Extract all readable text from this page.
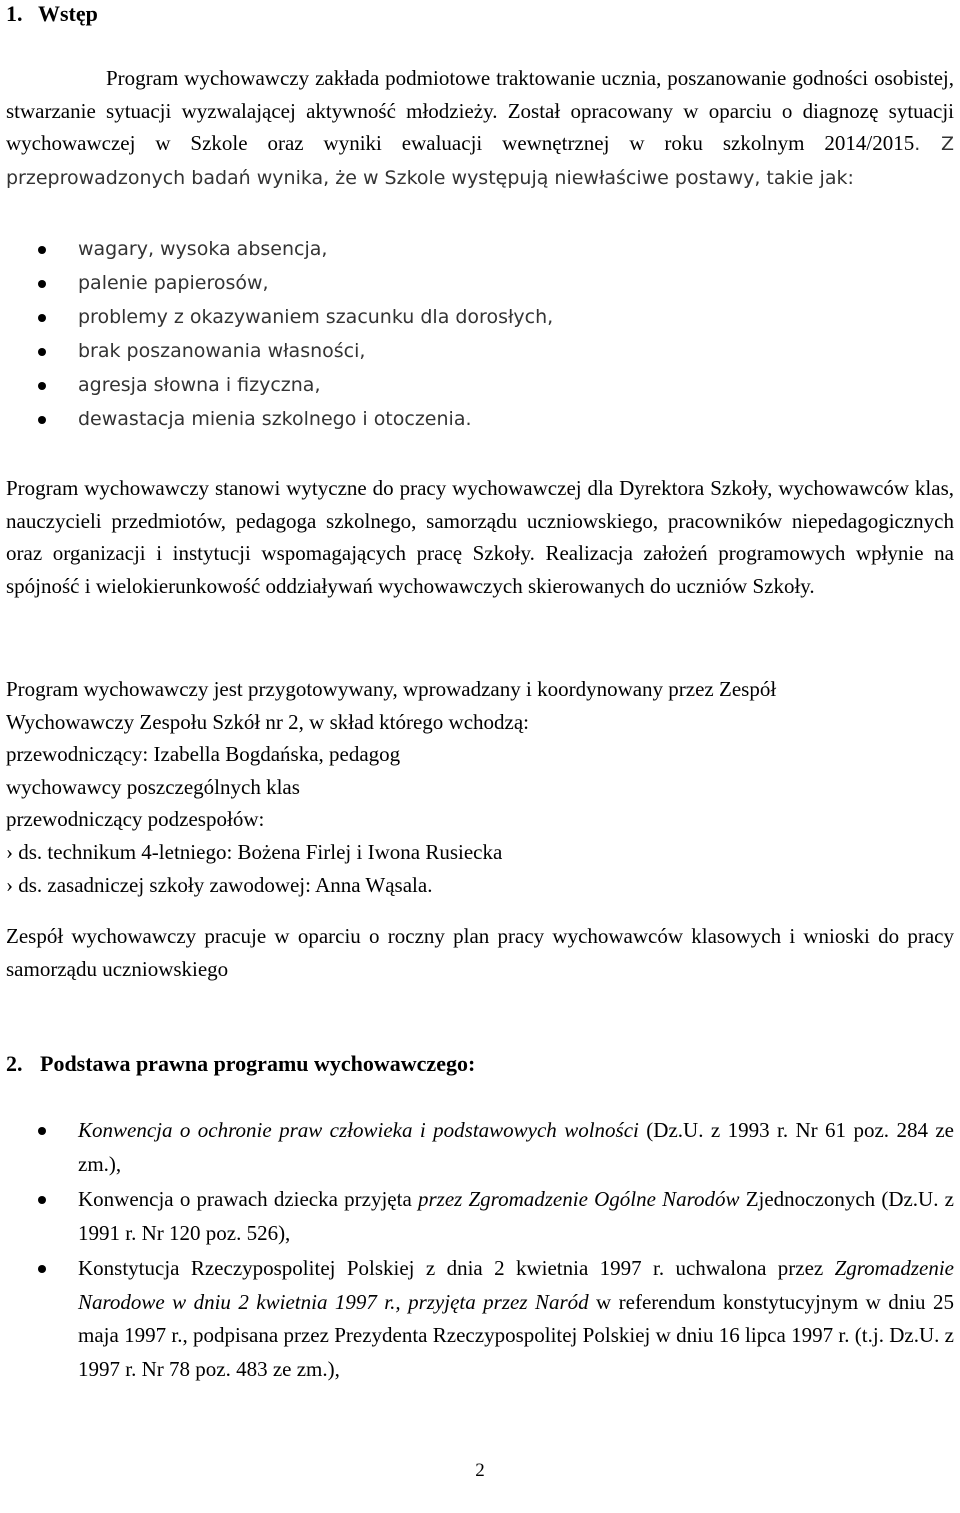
1. Wstęp
Program wychowawczy zakłada podmiotowe traktowanie ucznia, poszanowanie godności osobistej, stwarzanie sytuacji wyzwalającej aktywność młodzieży. Został opracowany w oparciu o diagnozę sytuacji wychowawczej w Szkole oraz wyniki ewaluacji wewnętrznej w roku szkolnym 2014/2015. Z przeprowadzonych badań wynika, że w Szkole występują niewłaściwe postawy, takie jak:
wagary, wysoka absencja,
palenie papierosów,
problemy z okazywaniem szacunku dla dorosłych,
brak poszanowania własności,
agresja słowna i fizyczna,
dewastacja mienia szkolnego i otoczenia.
Program wychowawczy stanowi wytyczne do pracy wychowawczej dla Dyrektora Szkoły, wychowawców klas, nauczycieli przedmiotów, pedagoga szkolnego, samorządu uczniowskiego, pracowników niepedagogicznych oraz organizacji i instytucji wspomagających pracę Szkoły. Realizacja założeń programowych wpłynie na spójność i wielokierunkowość oddziaływań wychowawczych skierowanych do uczniów Szkoły.
Program wychowawczy jest przygotowywany, wprowadzany i koordynowany przez Zespół
Wychowawczy Zespołu Szkół nr 2, w skład którego wchodzą:
przewodniczący: Izabella Bogdańska, pedagog
wychowawcy poszczególnych klas
przewodniczący podzespołów:
› ds. technikum 4-letniego: Bożena Firlej i Iwona Rusiecka
› ds. zasadniczej szkoły zawodowej: Anna Wąsala.
Zespół wychowawczy pracuje w oparciu o roczny plan pracy wychowawców klasowych i wnioski do pracy samorządu uczniowskiego
2. Podstawa prawna programu wychowawczego:
Konwencja o ochronie praw człowieka i podstawowych wolności (Dz.U. z 1993 r. Nr 61 poz. 284 ze zm.),
Konwencja o prawach dziecka przyjęta przez Zgromadzenie Ogólne Narodów Zjednoczonych (Dz.U. z 1991 r. Nr 120 poz. 526),
Konstytucja Rzeczypospolitej Polskiej z dnia 2 kwietnia 1997 r. uchwalona przez Zgromadzenie Narodowe w dniu 2 kwietnia 1997 r., przyjęta przez Naród w referendum konstytucyjnym w dniu 25 maja 1997 r., podpisana przez Prezydenta Rzeczypospolitej Polskiej w dniu 16 lipca 1997 r. (t.j. Dz.U. z 1997 r. Nr 78 poz. 483 ze zm.),
2
